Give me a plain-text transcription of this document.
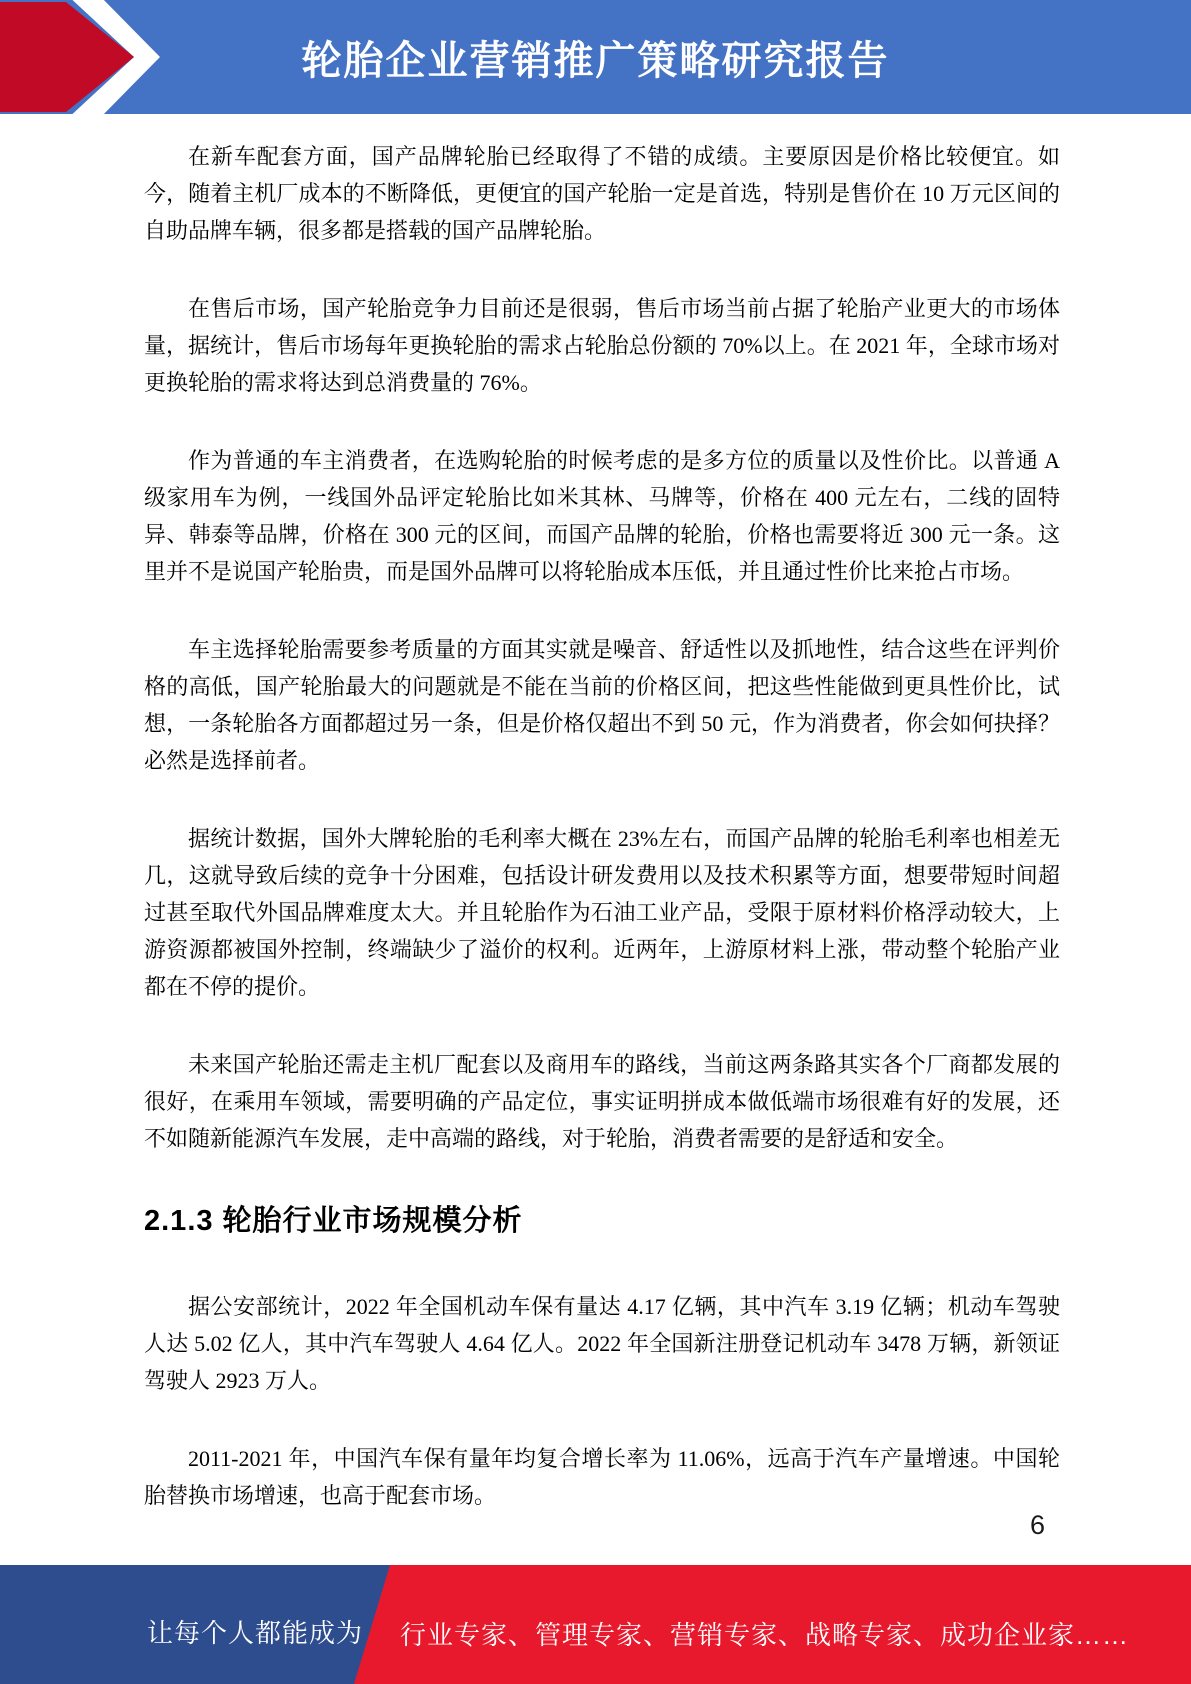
轮胎企业营销推广策略研究报告

在新车配套方面，国产品牌轮胎已经取得了不错的成绩。主要原因是价格比较便宜。如今，随着主机厂成本的不断降低，更便宜的国产轮胎一定是首选，特别是售价在 10 万元区间的自助品牌车辆，很多都是搭载的国产品牌轮胎。

在售后市场，国产轮胎竞争力目前还是很弱，售后市场当前占据了轮胎产业更大的市场体量，据统计，售后市场每年更换轮胎的需求占轮胎总份额的 70%以上。在 2021 年，全球市场对更换轮胎的需求将达到总消费量的 76%。

作为普通的车主消费者，在选购轮胎的时候考虑的是多方位的质量以及性价比。以普通 A 级家用车为例，一线国外品评定轮胎比如米其林、马牌等，价格在 400 元左右，二线的固特异、韩泰等品牌，价格在 300 元的区间，而国产品牌的轮胎，价格也需要将近 300 元一条。这里并不是说国产轮胎贵，而是国外品牌可以将轮胎成本压低，并且通过性价比来抢占市场。

车主选择轮胎需要参考质量的方面其实就是噪音、舒适性以及抓地性，结合这些在评判价格的高低，国产轮胎最大的问题就是不能在当前的价格区间，把这些性能做到更具性价比，试想，一条轮胎各方面都超过另一条，但是价格仅超出不到 50 元，作为消费者，你会如何抉择？必然是选择前者。

据统计数据，国外大牌轮胎的毛利率大概在 23%左右，而国产品牌的轮胎毛利率也相差无几，这就导致后续的竞争十分困难，包括设计研发费用以及技术积累等方面，想要带短时间超过甚至取代外国品牌难度太大。并且轮胎作为石油工业产品，受限于原材料价格浮动较大，上游资源都被国外控制，终端缺少了溢价的权利。近两年，上游原材料上涨，带动整个轮胎产业都在不停的提价。

未来国产轮胎还需走主机厂配套以及商用车的路线，当前这两条路其实各个厂商都发展的很好，在乘用车领域，需要明确的产品定位，事实证明拼成本做低端市场很难有好的发展，还不如随新能源汽车发展，走中高端的路线，对于轮胎，消费者需要的是舒适和安全。

2.1.3 轮胎行业市场规模分析

据公安部统计，2022 年全国机动车保有量达 4.17 亿辆，其中汽车 3.19 亿辆；机动车驾驶人达 5.02 亿人，其中汽车驾驶人 4.64 亿人。2022 年全国新注册登记机动车 3478 万辆，新领证驾驶人 2923 万人。

2011-2021 年，中国汽车保有量年均复合增长率为 11.06%，远高于汽车产量增速。中国轮胎替换市场增速，也高于配套市场。

6
让每个人都能成为 行业专家、管理专家、营销专家、战略专家、成功企业家……
